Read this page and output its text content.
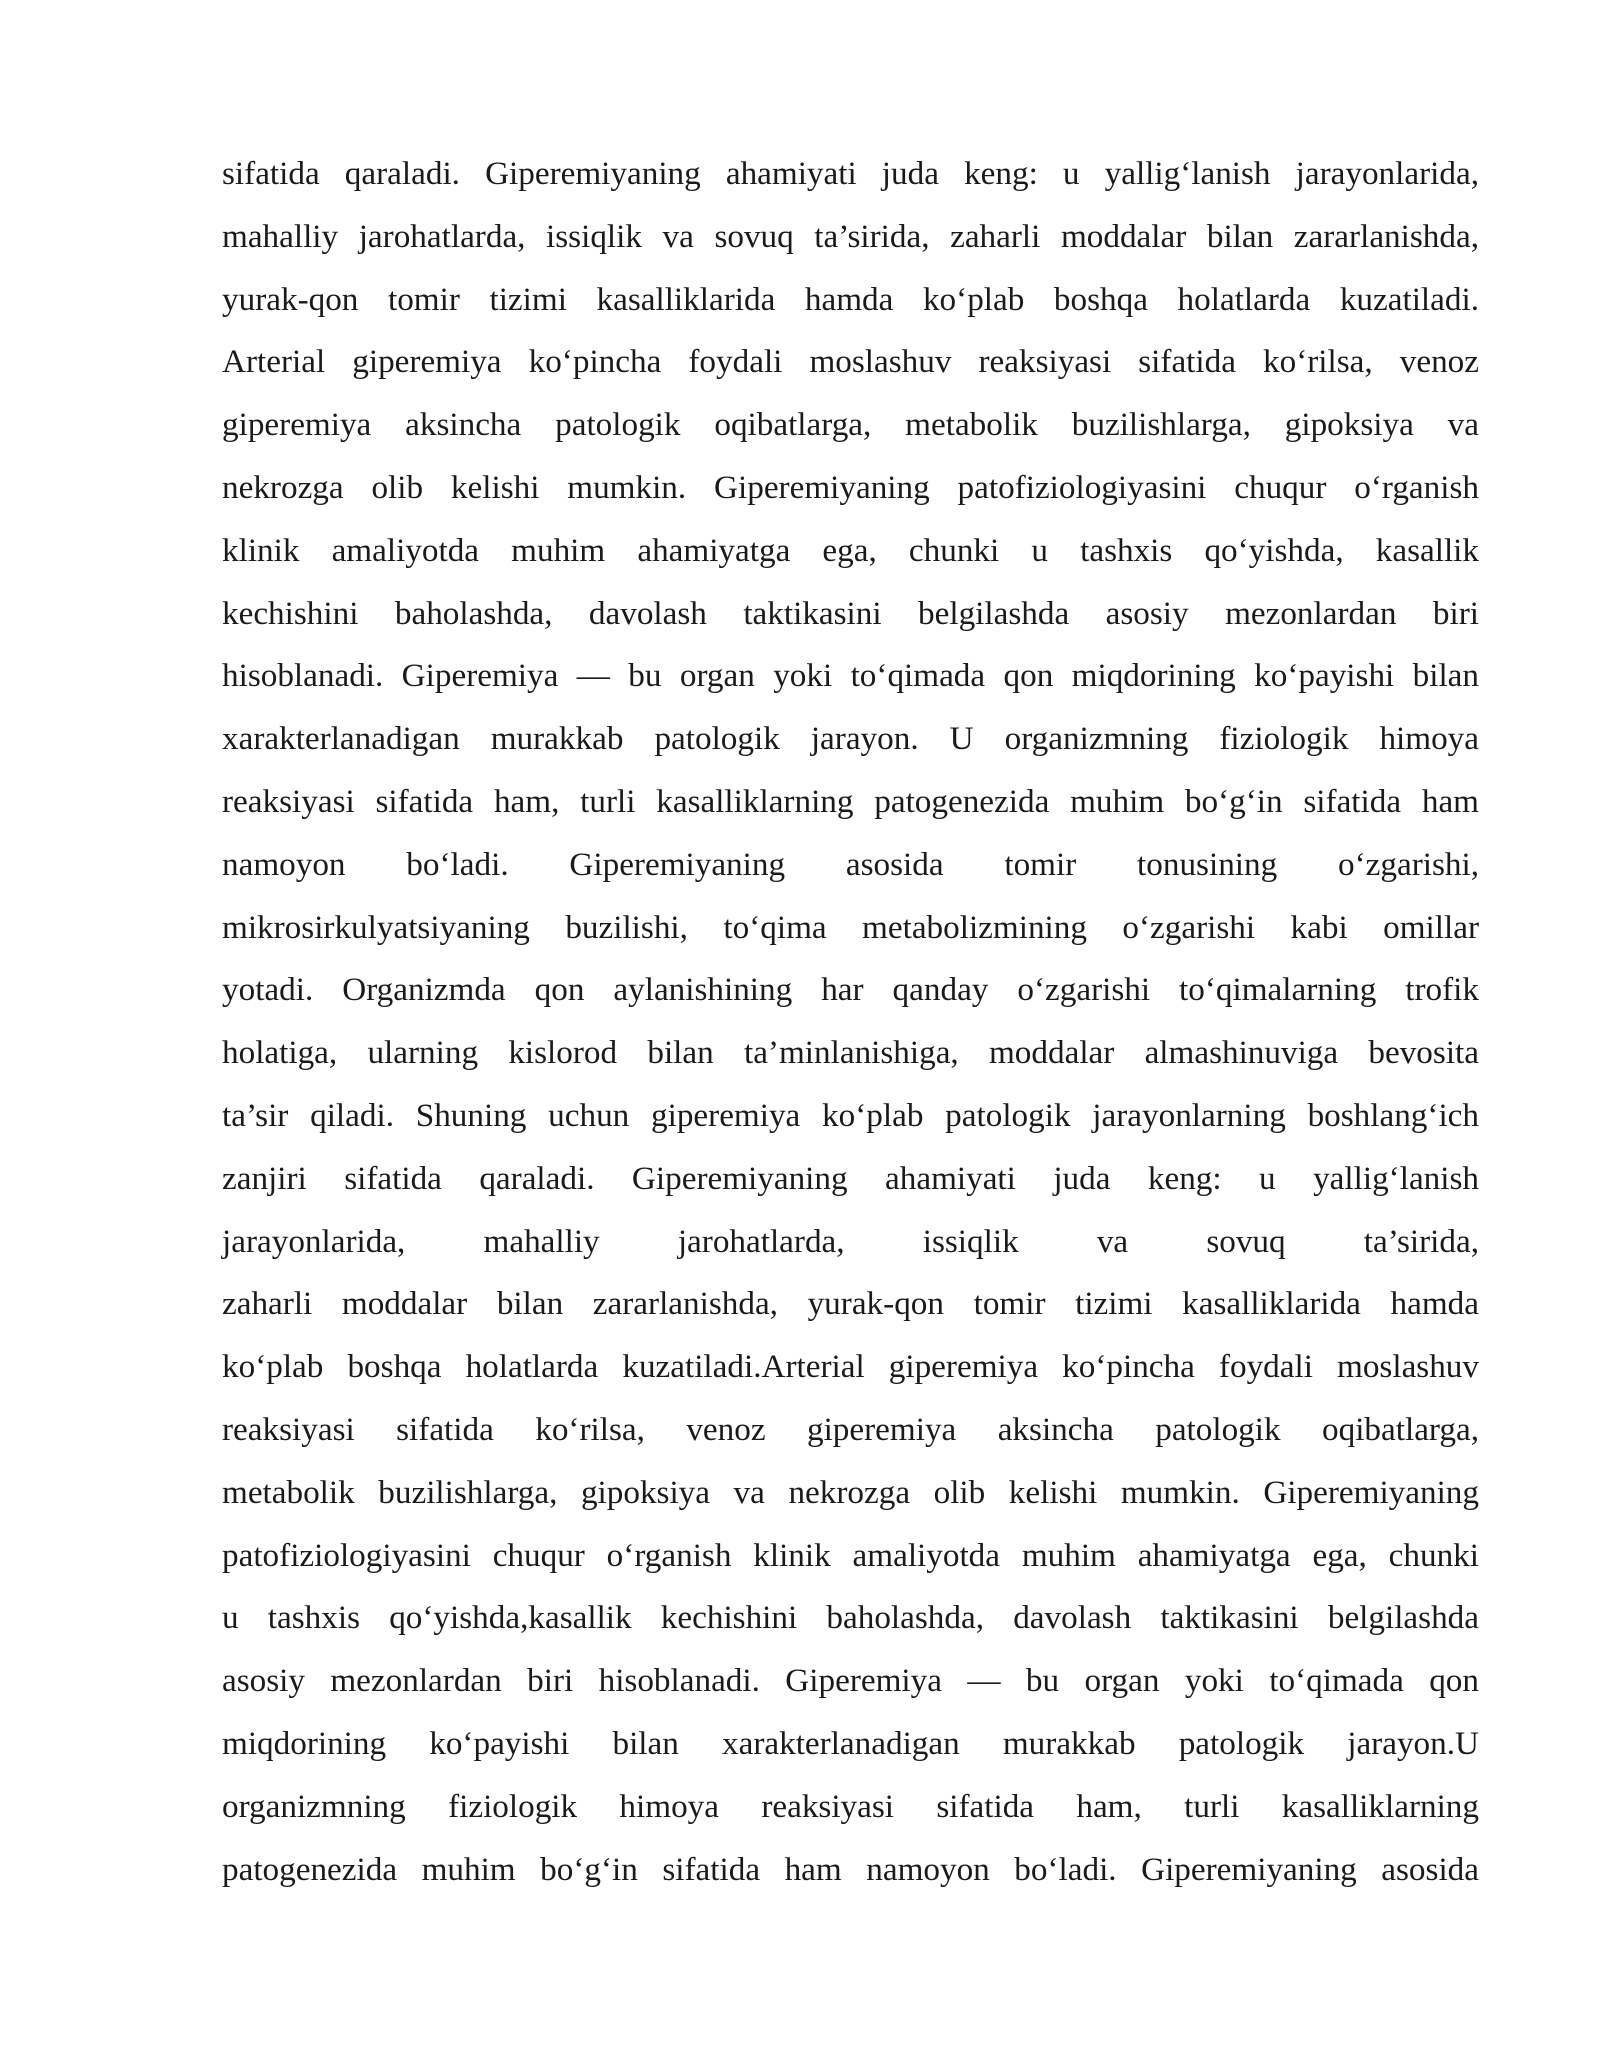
sifatida qaraladi. Giperemiyaning ahamiyati juda keng: u yallig‘lanish jarayonlarida,
mahalliy jarohatlarda, issiqlik va sovuq ta’sirida, zaharli moddalar bilan zararlanishda,
yurak-qon tomir tizimi kasalliklarida hamda ko‘plab boshqa holatlarda kuzatiladi.
Arterial giperemiya ko‘pincha foydali moslashuv reaksiyasi sifatida ko‘rilsa, venoz
giperemiya aksincha patologik oqibatlarga, metabolik buzilishlarga, gipoksiya va
nekrozga olib kelishi mumkin. Giperemiyaning patofiziologiyasini chuqur o‘rganish
klinik amaliyotda muhim ahamiyatga ega, chunki u tashxis qo‘yishda, kasallik
kechishini baholashda, davolash taktikasini belgilashda asosiy mezonlardan biri
hisoblanadi. Giperemiya — bu organ yoki to‘qimada qon miqdorining ko‘payishi bilan
xarakterlanadigan murakkab patologik jarayon. U organizmning fiziologik himoya
reaksiyasi sifatida ham, turli kasalliklarning patogenezida muhim bo‘g‘in sifatida ham
namoyon bo‘ladi. Giperemiyaning asosida tomir tonusining o‘zgarishi,
mikrosirkulyatsiyaning buzilishi, to‘qima metabolizmining o‘zgarishi kabi omillar
yotadi. Organizmda qon aylanishining har qanday o‘zgarishi to‘qimalarning trofik
holatiga, ularning kislorod bilan ta’minlanishiga, moddalar almashinuviga bevosita
ta’sir qiladi. Shuning uchun giperemiya ko‘plab patologik jarayonlarning boshlang‘ich
zanjiri sifatida qaraladi. Giperemiyaning ahamiyati juda keng: u yallig‘lanish
jarayonlarida, mahalliy jarohatlarda, issiqlik va sovuq ta’sirida,
zaharli moddalar bilan zararlanishda, yurak-qon tomir tizimi kasalliklarida hamda
ko‘plab boshqa holatlarda kuzatiladi.Arterial giperemiya ko‘pincha foydali moslashuv
reaksiyasi sifatida ko‘rilsa, venoz giperemiya aksincha patologik oqibatlarga,
metabolik buzilishlarga, gipoksiya va nekrozga olib kelishi mumkin. Giperemiyaning
patofiziologiyasini chuqur o‘rganish klinik amaliyotda muhim ahamiyatga ega, chunki
u tashxis qo‘yishda,kasallik kechishini baholashda, davolash taktikasini belgilashda
asosiy mezonlardan biri hisoblanadi. Giperemiya — bu organ yoki to‘qimada qon
miqdorining ko‘payishi bilan xarakterlanadigan murakkab patologik jarayon.U
organizmning fiziologik himoya reaksiyasi sifatida ham, turli kasalliklarning
patogenezida muhim bo‘g‘in sifatida ham namoyon bo‘ladi. Giperemiyaning asosida
